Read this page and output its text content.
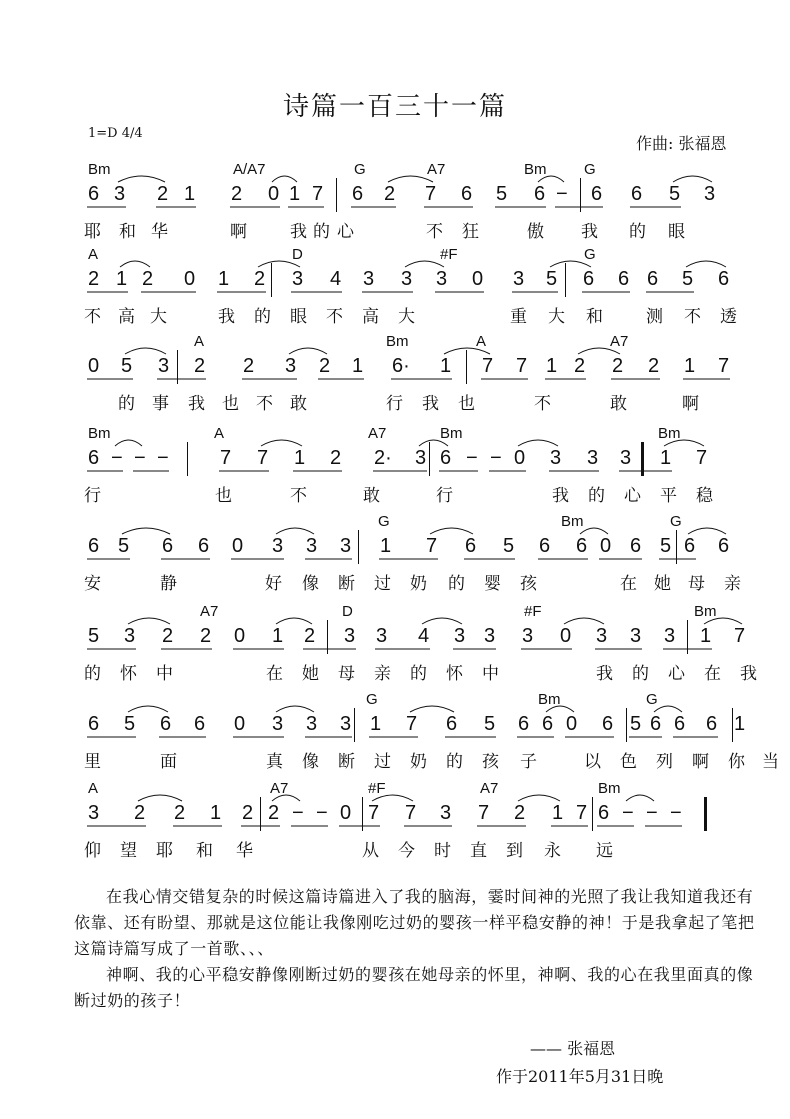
诗篇一百三十一篇
1=D 4/4
作曲: 张福恩
Bm	A/A7	G	A7	Bm	G
6 3 2 1 2 0 1 7 6 2 7 6 5 6 − 6 6 5 3
耶 和 华	啊	我 的 心	不 狂	傲 我 的 眼
A	D	#F	G
2 1 2 0 1 2 3 4 3 3 3 0 3 5 6 6 6 5 6
不 高 大	我 的 眼 不 高 大	重 大 和	测 不 透
A	Bm	A	A7
0 5 3 2 2 3 2 1 6· 1 7 7 1 2 2 2 1 7
的 事 我 也 不 敢	行 我 也	不	敢	啊
Bm	A	A7	Bm	Bm
6 − − −	7 7 1 2 2· 3 6 − − 0 3 3 3 1 7
行	也	不	敢	行	我 的 心 平 稳
G	Bm	G
6 5 6 6 0 3 3 3 1 7 6 5 6 6 0 6 5 6 6
安	静	好 像 断 过 奶 的 婴 孩	在 她 母 亲
A7	D	#F	Bm
5 3 2 2 0 1 2 3 3 4 3 3 3 0 3 3 3 1 7
的 怀 中	在 她 母 亲 的 怀 中	我 的 心 在 我
G	Bm	G
6 5 6 6 0 3 3 3 1 7 6 5 6 6 0 6 5 6 6 6 1
里	面	真 像 断 过 奶 的 孩 子	以 色 列 啊 你 当
A	A7	#F	A7	Bm
3 2 2 1 2 2 − − 0 7 7 3 7 2 1 7 6 − − −
仰 望 耶 和 华	从 今 时 直 到 永 远

在我心情交错复杂的时候这篇诗篇进入了我的脑海，霎时间神的光照了我让我知道我还有依靠、还有盼望、那就是这位能让我像刚吃过奶的婴孩一样平稳安静的神！于是我拿起了笔把这篇诗篇写成了一首歌、、、

神啊、我的心平稳安静像刚断过奶的婴孩在她母亲的怀里，神啊、我的心在我里面真的像断过奶的孩子！

—— 张福恩
作于2011年5月31日晚
